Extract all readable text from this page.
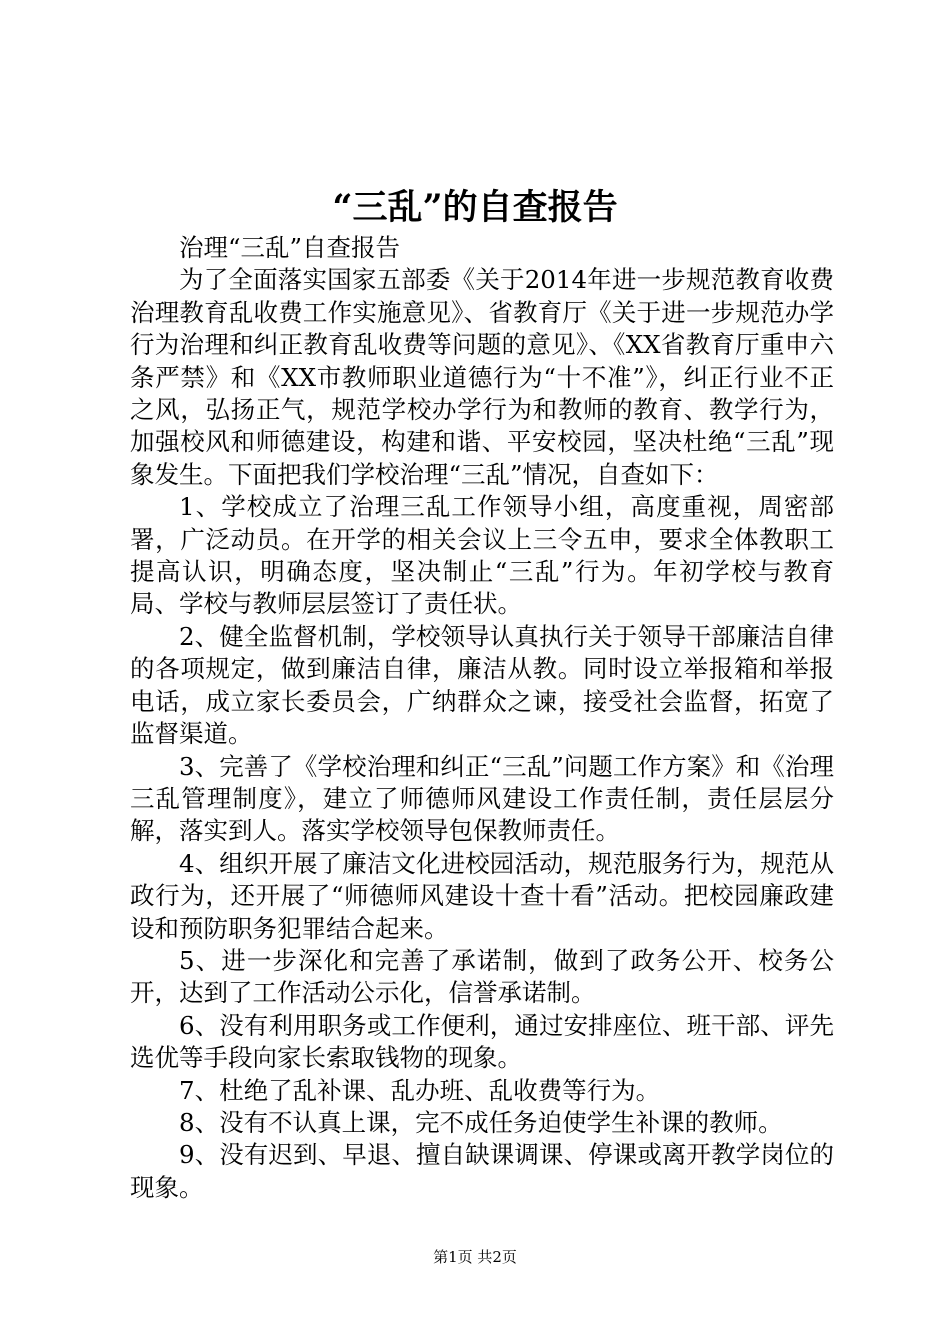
“三乱”的自查报告

治理“三乱”自查报告

为了全面落实国家五部委《关于2014年进一步规范教育收费治理教育乱收费工作实施意见》、省教育厅《关于进一步规范办学行为治理和纠正教育乱收费等问题的意见》、《XX省教育厅重申六条严禁》和《XX市教师职业道德行为“十不准”》，纠正行业不正之风，弘扬正气，规范学校办学行为和教师的教育、教学行为，加强校风和师德建设，构建和谐、平安校园，坚决杜绝“三乱”现象发生。下面把我们学校治理“三乱”情况，自查如下：

1、学校成立了治理三乱工作领导小组，高度重视，周密部署，广泛动员。在开学的相关会议上三令五申，要求全体教职工提高认识，明确态度，坚决制止“三乱”行为。年初学校与教育局、学校与教师层层签订了责任状。

2、健全监督机制，学校领导认真执行关于领导干部廉洁自律的各项规定，做到廉洁自律，廉洁从教。同时设立举报箱和举报电话，成立家长委员会，广纳群众之谏，接受社会监督，拓宽了监督渠道。

3、完善了《学校治理和纠正“三乱”问题工作方案》和《治理三乱管理制度》，建立了师德师风建设工作责任制，责任层层分解，落实到人。落实学校领导包保教师责任。

4、组织开展了廉洁文化进校园活动，规范服务行为，规范从政行为，还开展了“师德师风建设十查十看”活动。把校园廉政建设和预防职务犯罪结合起来。

5、进一步深化和完善了承诺制，做到了政务公开、校务公开，达到了工作活动公示化，信誉承诺制。

6、没有利用职务或工作便利，通过安排座位、班干部、评先选优等手段向家长索取钱物的现象。

7、杜绝了乱补课、乱办班、乱收费等行为。

8、没有不认真上课，完不成任务迫使学生补课的教师。

9、没有迟到、早退、擅自缺课调课、停课或离开教学岗位的现象。

第1页 共2页
